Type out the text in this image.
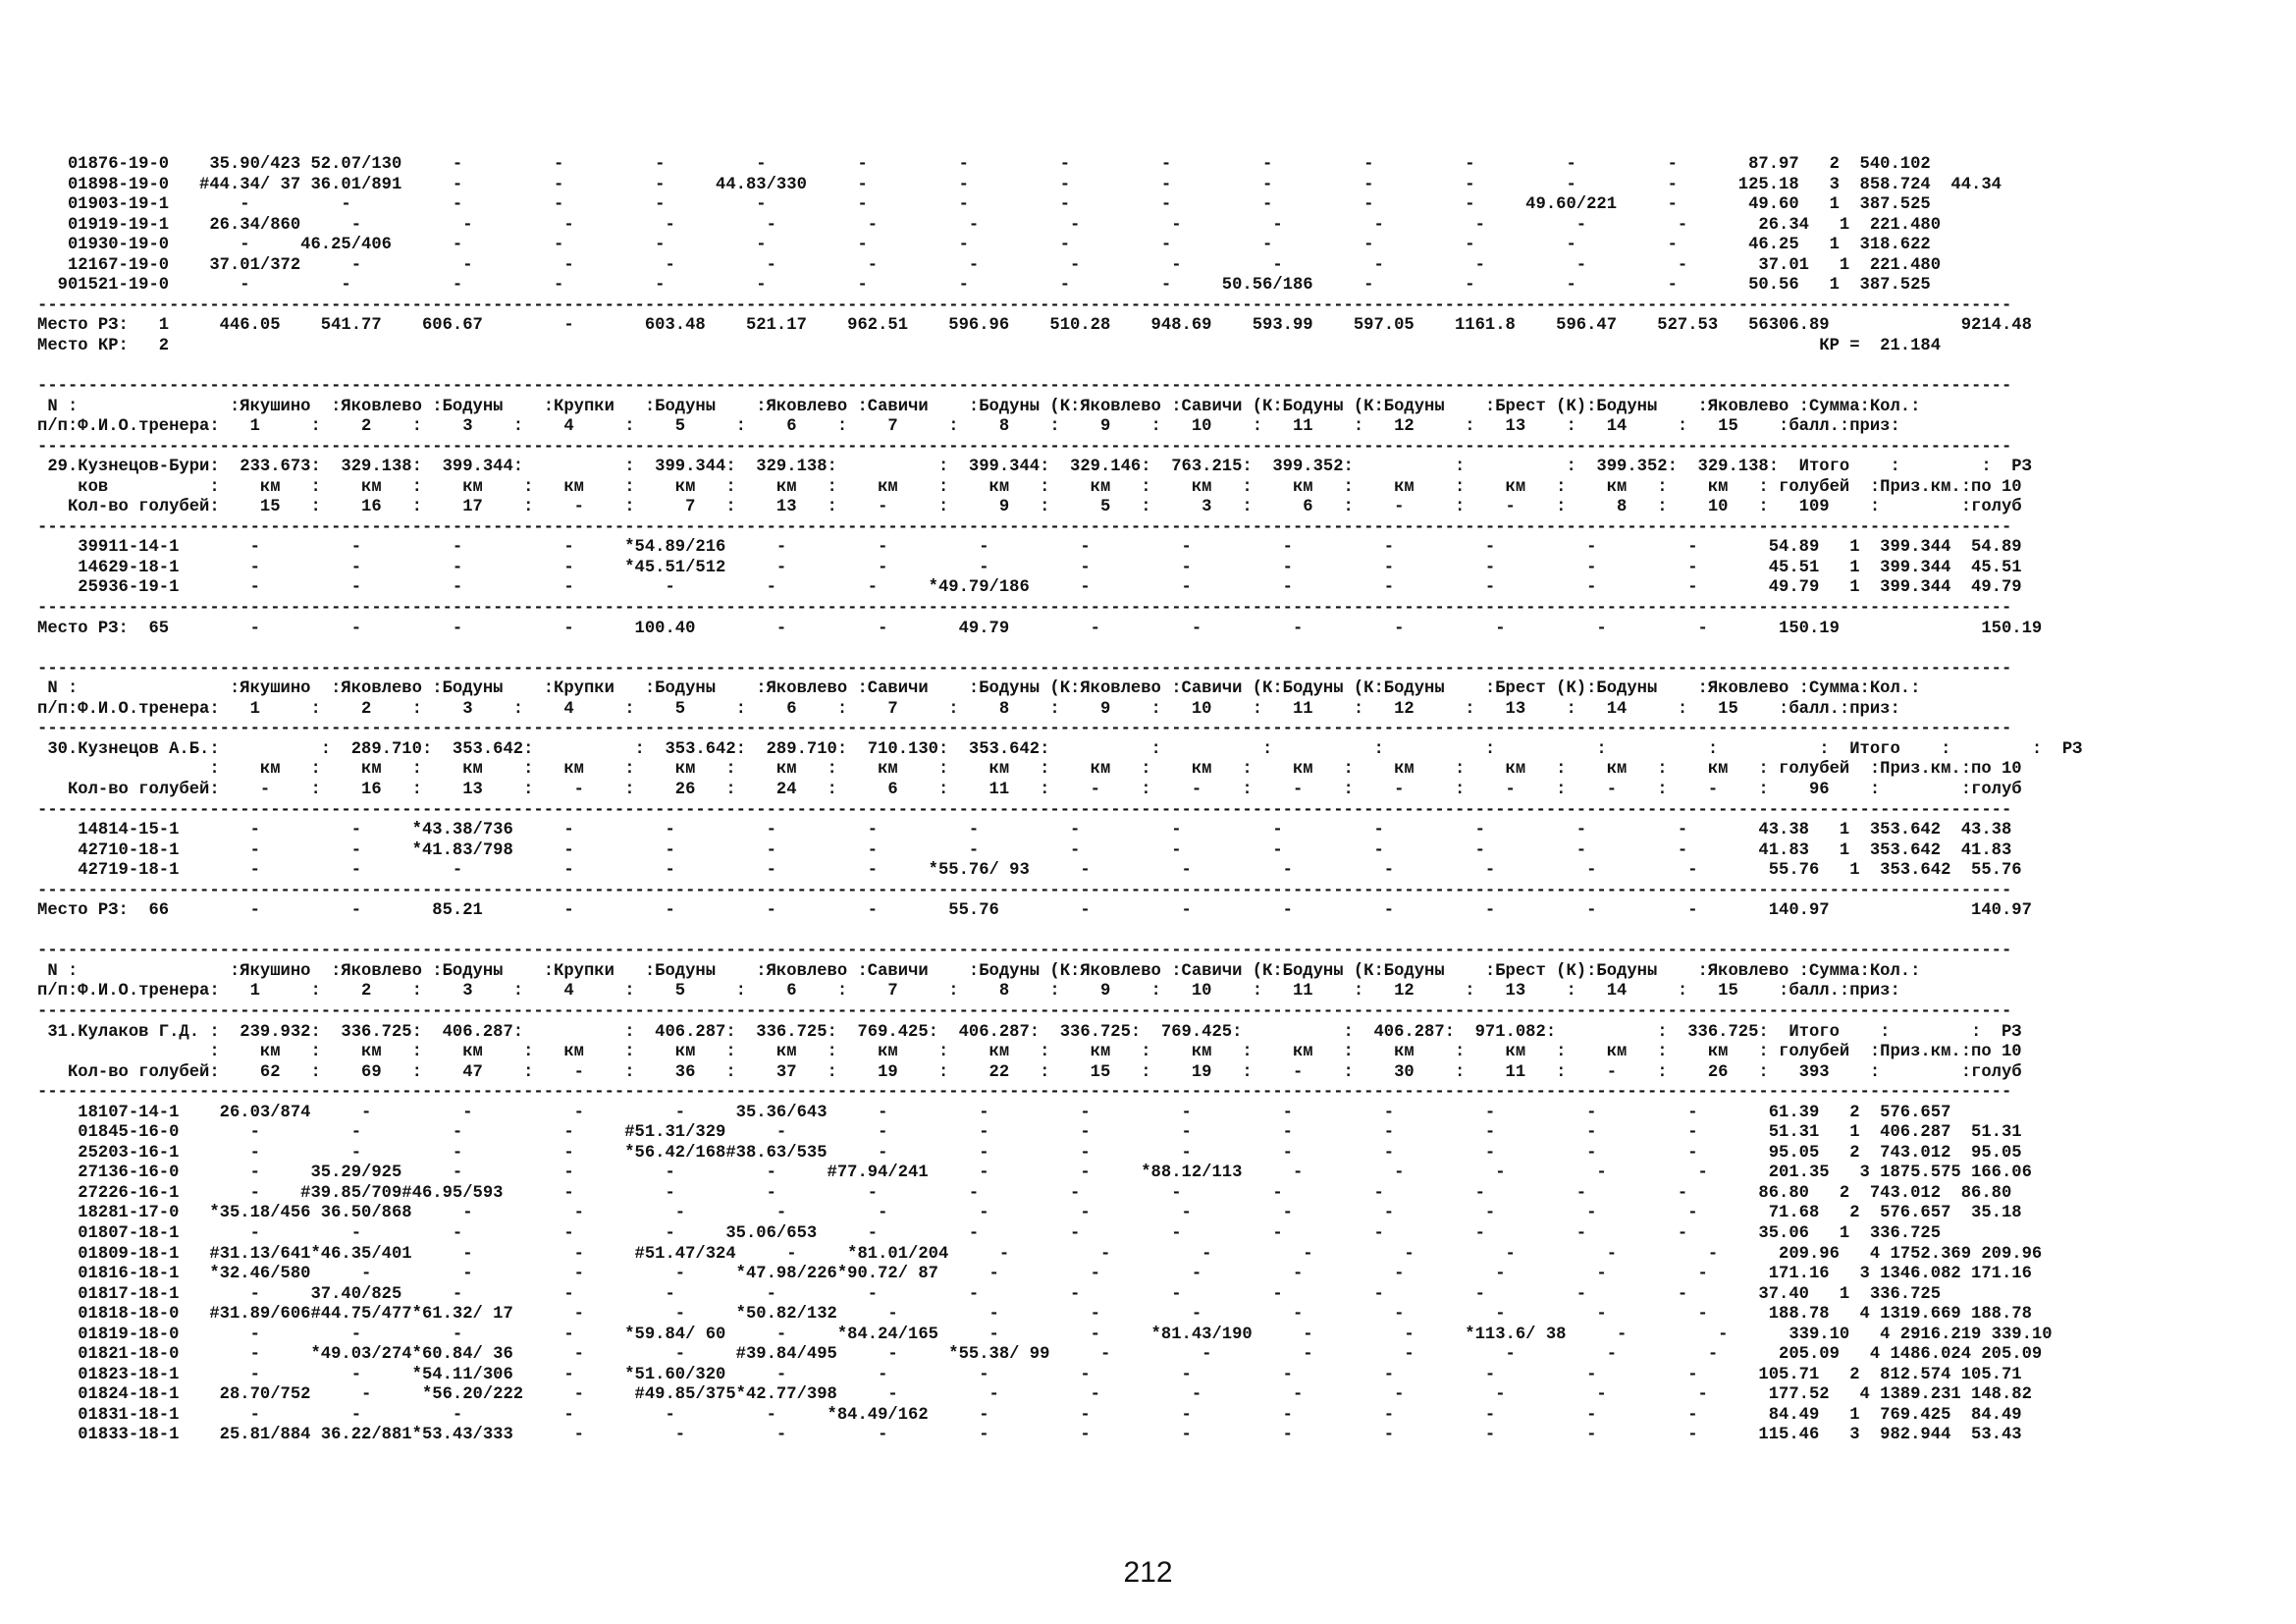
01876-19-0    35.90/423 52.07/130     -         -         -         -         -         -         -         -         -         -         -         -         -       87.97   2  540.102
01898-19-0   #44.34/ 37 36.01/891     -         -         -     44.83/330     -         -         -         -         -         -         -         -         -      125.18   3  858.724  44.34
01903-19-1       -         -          -         -         -         -         -         -         -         -         -         -         -     49.60/221     -       49.60   1  387.525
01919-19-1    26.34/860     -          -         -         -         -         -         -         -         -         -         -         -         -         -       26.34   1  221.480
01930-19-0       -     46.25/406      -         -         -         -         -         -         -         -         -         -         -         -         -       46.25   1  318.622
12167-19-0    37.01/372     -          -         -         -         -         -         -         -         -         -         -         -         -         -       37.01   1  221.480
901521-19-0       -         -          -         -         -         -         -         -         -         -     50.56/186     -         -         -         -       50.56   1  387.525
---------------------------------------------------------------------------------------------------------------------------------------------------------------------------------------------------
Место РЗ:   1     446.05    541.77    606.67        -       603.48    521.17    962.51    596.96    510.28    948.69    593.99    597.05    1161.8    596.47    527.53   56306.89             9214.48
Место КР:   2                                                                                                                                                                   КР =  21.184
---------------------------------------------------------------------------------------------------------------------------------------------------------------------------------------------------
N :               :Якушино  :Яковлево :Бодуны    :Крупки   :Бодуны    :Яковлево :Савичи    :Бодуны (К:Яковлево :Савичи (К:Бодуны (К:Бодуны    :Брест (К):Бодуны    :Яковлево :Сумма:Кол.:
п/п:Ф.И.О.тренера:   1     :    2    :    3    :    4     :    5     :    6    :    7     :    8    :    9    :   10    :   11    :   12     :   13    :   14     :   15    :балл.:приз:
---------------------------------------------------------------------------------------------------------------------------------------------------------------------------------------------------
29.Кузнецов-Бури:  233.673:  329.138:  399.344:          :  399.344:  329.138:          :  399.344:  329.146:  763.215:  399.352:          :          :  399.352:  329.138:  Итого    :        :  РЗ
ков          :    км   :    км   :    км    :   км    :    км   :    км   :    км    :    км   :    км   :    км   :    км   :    км    :    км   :    км   :    км   : голубей  :Приз.км.:по 10
Кол-во голубей:    15   :    16   :    17    :    -    :     7   :    13   :    -     :     9   :     5   :     3   :     6   :    -     :    -    :     8   :    10   :   109    :        :голуб
---------------------------------------------------------------------------------------------------------------------------------------------------------------------------------------------------
39911-14-1       -         -         -          -     *54.89/216     -         -         -         -         -         -         -         -         -         -       54.89   1  399.344  54.89
14629-18-1       -         -         -          -     *45.51/512     -         -         -         -         -         -         -         -         -         -       45.51   1  399.344  45.51
25936-19-1       -         -         -          -         -         -         -     *49.79/186     -         -         -         -         -         -         -       49.79   1  399.344  49.79
---------------------------------------------------------------------------------------------------------------------------------------------------------------------------------------------------
Место РЗ:  65        -         -         -          -      100.40        -         -       49.79        -         -         -         -         -         -         -       150.19              150.19
---------------------------------------------------------------------------------------------------------------------------------------------------------------------------------------------------
N :               :Якушино  :Яковлево :Бодуны    :Крупки   :Бодуны    :Яковлево :Савичи    :Бодуны (К:Яковлево :Савичи (К:Бодуны (К:Бодуны    :Брест (К):Бодуны    :Яковлево :Сумма:Кол.:
п/п:Ф.И.О.тренера:   1     :    2    :    3    :    4     :    5     :    6    :    7     :    8    :    9    :   10    :   11    :   12     :   13    :   14     :   15    :балл.:приз:
---------------------------------------------------------------------------------------------------------------------------------------------------------------------------------------------------
30.Кузнецов А.Б.:          :  289.710:  353.642:          :  353.642:  289.710:  710.130:  353.642:          :          :          :          :          :          :          :  Итого    :        :  РЗ
:    км   :    км   :    км    :   км    :    км   :    км   :    км    :    км   :    км   :    км   :    км   :    км    :    км   :    км   :    км   : голубей  :Приз.км.:по 10
Кол-во голубей:    -    :    16   :    13    :    -    :    26   :    24   :     6    :    11   :    -    :    -    :    -    :    -     :    -    :    -    :    -    :    96    :        :голуб
---------------------------------------------------------------------------------------------------------------------------------------------------------------------------------------------------
14814-15-1       -         -     *43.38/736     -         -         -         -         -         -         -         -         -         -         -         -       43.38   1  353.642  43.38
42710-18-1       -         -     *41.83/798     -         -         -         -         -         -         -         -         -         -         -         -       41.83   1  353.642  41.83
42719-18-1       -         -         -          -         -         -         -     *55.76/ 93     -         -         -         -         -         -         -       55.76   1  353.642  55.76
---------------------------------------------------------------------------------------------------------------------------------------------------------------------------------------------------
Место РЗ:  66        -         -       85.21        -         -         -         -       55.76        -         -         -         -         -         -         -       140.97              140.97
---------------------------------------------------------------------------------------------------------------------------------------------------------------------------------------------------
N :               :Якушино  :Яковлево :Бодуны    :Крупки   :Бодуны    :Яковлево :Савичи    :Бодуны (К:Яковлево :Савичи (К:Бодуны (К:Бодуны    :Брест (К):Бодуны    :Яковлево :Сумма:Кол.:
п/п:Ф.И.О.тренера:   1     :    2    :    3    :    4     :    5     :    6    :    7     :    8    :    9    :   10    :   11    :   12     :   13    :   14     :   15    :балл.:приз:
---------------------------------------------------------------------------------------------------------------------------------------------------------------------------------------------------
31.Кулаков Г.Д. :  239.932:  336.725:  406.287:          :  406.287:  336.725:  769.425:  406.287:  336.725:  769.425:          :  406.287:  971.082:          :  336.725:  Итого    :        :  РЗ
:    км   :    км   :    км    :   км    :    км   :    км   :    км    :    км   :    км   :    км   :    км   :    км    :    км   :    км   :    км   : голубей  :Приз.км.:по 10
Кол-во голубей:    62   :    69   :    47    :    -    :    36   :    37   :    19    :    22   :    15   :    19   :    -    :    30    :    11   :    -    :    26   :   393    :        :голуб
---------------------------------------------------------------------------------------------------------------------------------------------------------------------------------------------------
18107-14-1    26.03/874     -         -          -         -     35.36/643     -         -         -         -         -         -         -         -         -       61.39   2  576.657
01845-16-0       -         -         -          -     #51.31/329     -         -         -         -         -         -         -         -         -         -       51.31   1  406.287  51.31
25203-16-1       -         -         -          -     *56.42/168#38.63/535     -         -         -         -         -         -         -         -         -       95.05   2  743.012  95.05
27136-16-0       -     35.29/925     -          -         -         -     #77.94/241     -         -     *88.12/113     -         -         -         -         -      201.35   3 1875.575 166.06
27226-16-1       -    #39.85/709#46.95/593      -         -         -         -         -         -         -         -         -         -         -         -       86.80   2  743.012  86.80
18281-17-0   *35.18/456 36.50/868     -          -         -         -         -         -         -         -         -         -         -         -         -       71.68   2  576.657  35.18
01807-18-1       -         -         -          -         -     35.06/653     -         -         -         -         -         -         -         -         -       35.06   1  336.725
01809-18-1   #31.13/641*46.35/401     -          -     #51.47/324     -     *81.01/204     -         -         -         -         -         -         -         -      209.96   4 1752.369 209.96
01816-18-1   *32.46/580     -         -          -         -     *47.98/226*90.72/ 87     -         -         -         -         -         -         -         -      171.16   3 1346.082 171.16
01817-18-1       -     37.40/825     -          -         -         -         -         -         -         -         -         -         -         -         -       37.40   1  336.725
01818-18-0   #31.89/606#44.75/477*61.32/ 17      -         -     *50.82/132     -         -         -         -         -         -         -         -         -      188.78   4 1319.669 188.78
01819-18-0       -         -         -          -     *59.84/ 60     -     *84.24/165     -         -     *81.43/190     -         -     *113.6/ 38     -         -      339.10   4 2916.219 339.10
01821-18-0       -     *49.03/274*60.84/ 36      -         -     #39.84/495     -     *55.38/ 99     -         -         -         -         -         -         -      205.09   4 1486.024 205.09
01823-18-1       -         -     *54.11/306     -     *51.60/320     -         -         -         -         -         -         -         -         -         -      105.71   2  812.574 105.71
01824-18-1    28.70/752     -     *56.20/222     -     #49.85/375*42.77/398     -         -         -         -         -         -         -         -         -      177.52   4 1389.231 148.82
01831-18-1       -         -         -          -         -         -     *84.49/162     -         -         -         -         -         -         -         -       84.49   1  769.425  84.49
01833-18-1    25.81/884 36.22/881*53.43/333      -         -         -         -         -         -         -         -         -         -         -         -      115.46   3  982.944  53.43
212
